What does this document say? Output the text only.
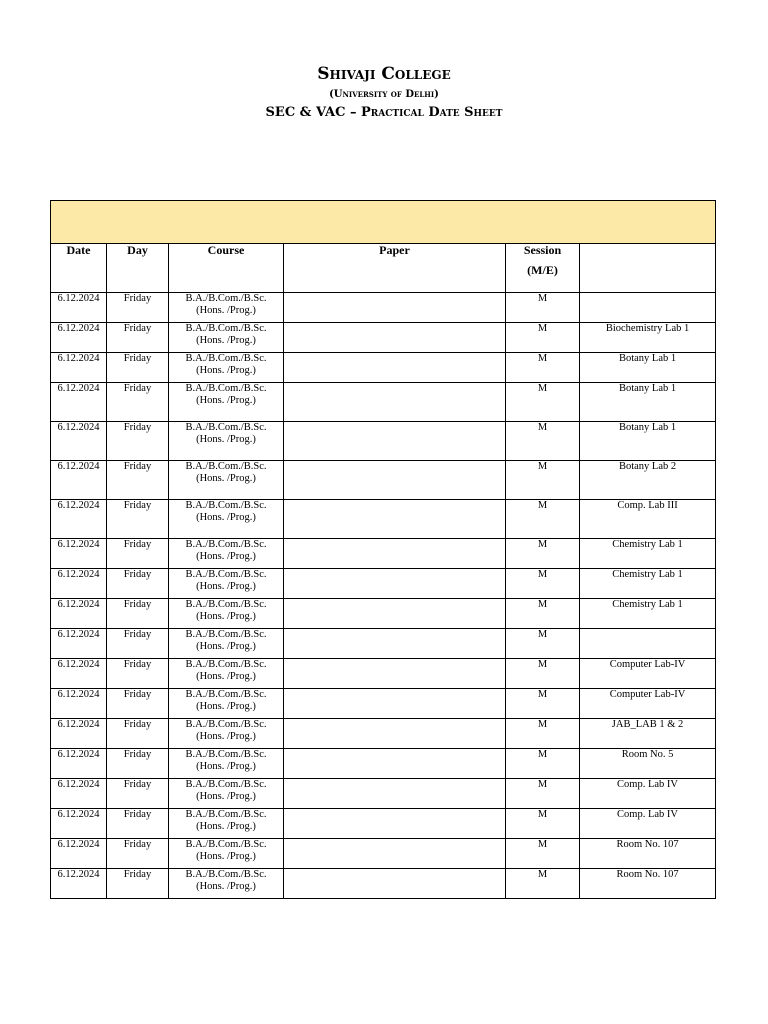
Shivaji College
(University of Delhi)
SEC & VAC – Practical Date Sheet

Date	Day	Course	Paper	Session
(M/E)	

6.12.2024	Friday	B.A./B.Com./B.Sc.
(Hons. /Prog.)		M	
6.12.2024	Friday	B.A./B.Com./B.Sc.
(Hons. /Prog.)		M	Biochemistry Lab 1
6.12.2024	Friday	B.A./B.Com./B.Sc.
(Hons. /Prog.)		M	Botany Lab 1
6.12.2024	Friday	B.A./B.Com./B.Sc.
(Hons. /Prog.)		M	Botany Lab 1
6.12.2024	Friday	B.A./B.Com./B.Sc.
(Hons. /Prog.)		M	Botany Lab 1
6.12.2024	Friday	B.A./B.Com./B.Sc.
(Hons. /Prog.)		M	Botany Lab 2
6.12.2024	Friday	B.A./B.Com./B.Sc.
(Hons. /Prog.)		M	Comp. Lab III
6.12.2024	Friday	B.A./B.Com./B.Sc.
(Hons. /Prog.)		M	Chemistry Lab 1
6.12.2024	Friday	B.A./B.Com./B.Sc.
(Hons. /Prog.)		M	Chemistry Lab 1
6.12.2024	Friday	B.A./B.Com./B.Sc.
(Hons. /Prog.)		M	Chemistry Lab 1
6.12.2024	Friday	B.A./B.Com./B.Sc.
(Hons. /Prog.)		M	
6.12.2024	Friday	B.A./B.Com./B.Sc.
(Hons. /Prog.)		M	Computer Lab-IV
6.12.2024	Friday	B.A./B.Com./B.Sc.
(Hons. /Prog.)		M	Computer Lab-IV
6.12.2024	Friday	B.A./B.Com./B.Sc.
(Hons. /Prog.)		M	JAB_LAB 1 & 2
6.12.2024	Friday	B.A./B.Com./B.Sc.
(Hons. /Prog.)		M	Room No. 5
6.12.2024	Friday	B.A./B.Com./B.Sc.
(Hons. /Prog.)		M	Comp. Lab IV
6.12.2024	Friday	B.A./B.Com./B.Sc.
(Hons. /Prog.)		M	Comp. Lab IV
6.12.2024	Friday	B.A./B.Com./B.Sc.
(Hons. /Prog.)		M	Room No. 107
6.12.2024	Friday	B.A./B.Com./B.Sc.
(Hons. /Prog.)		M	Room No. 107
